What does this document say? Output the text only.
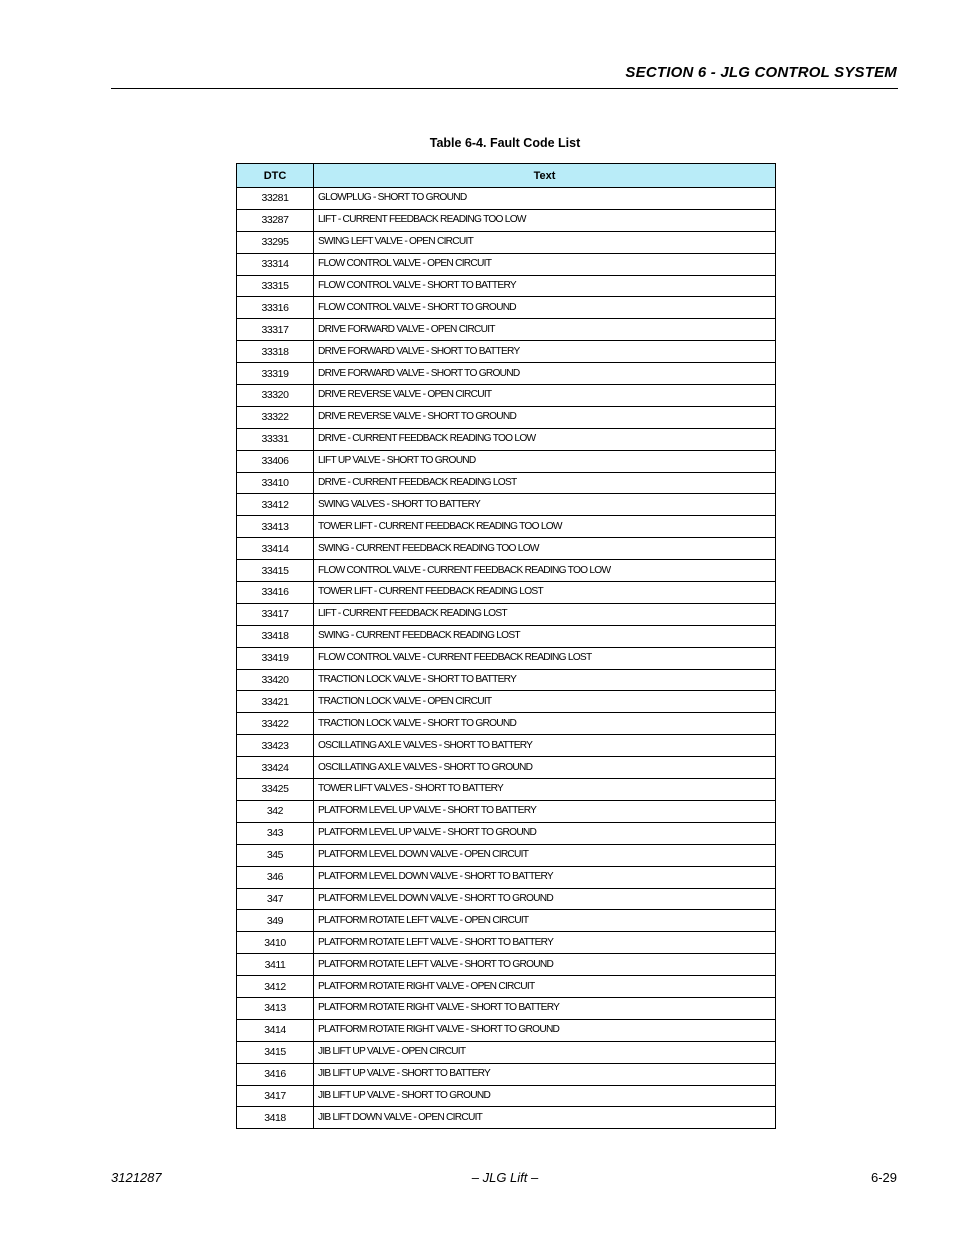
SECTION 6 - JLG CONTROL SYSTEM
Table 6-4. Fault Code List
DTC	Text
33281	GLOWPLUG - SHORT TO GROUND
33287	LIFT - CURRENT FEEDBACK READING TOO LOW
33295	SWING LEFT VALVE - OPEN CIRCUIT
33314	FLOW CONTROL VALVE - OPEN CIRCUIT
33315	FLOW CONTROL VALVE - SHORT TO BATTERY
33316	FLOW CONTROL VALVE - SHORT TO GROUND
33317	DRIVE FORWARD VALVE - OPEN CIRCUIT
33318	DRIVE FORWARD VALVE - SHORT TO BATTERY
33319	DRIVE FORWARD VALVE - SHORT TO GROUND
33320	DRIVE REVERSE VALVE - OPEN CIRCUIT
33322	DRIVE REVERSE VALVE - SHORT TO GROUND
33331	DRIVE - CURRENT FEEDBACK READING TOO LOW
33406	LIFT UP VALVE - SHORT TO GROUND
33410	DRIVE - CURRENT FEEDBACK READING LOST
33412	SWING VALVES - SHORT TO BATTERY
33413	TOWER LIFT - CURRENT FEEDBACK READING TOO LOW
33414	SWING - CURRENT FEEDBACK READING TOO LOW
33415	FLOW CONTROL VALVE - CURRENT FEEDBACK READING TOO LOW
33416	TOWER LIFT - CURRENT FEEDBACK READING LOST
33417	LIFT - CURRENT FEEDBACK READING LOST
33418	SWING - CURRENT FEEDBACK READING LOST
33419	FLOW CONTROL VALVE - CURRENT FEEDBACK READING LOST
33420	TRACTION LOCK VALVE - SHORT TO BATTERY
33421	TRACTION LOCK VALVE - OPEN CIRCUIT
33422	TRACTION LOCK VALVE - SHORT TO GROUND
33423	OSCILLATING AXLE VALVES - SHORT TO BATTERY
33424	OSCILLATING AXLE VALVES - SHORT TO GROUND
33425	TOWER LIFT VALVES - SHORT TO BATTERY
342	PLATFORM LEVEL UP VALVE - SHORT TO BATTERY
343	PLATFORM LEVEL UP VALVE - SHORT TO GROUND
345	PLATFORM LEVEL DOWN VALVE - OPEN CIRCUIT
346	PLATFORM LEVEL DOWN VALVE - SHORT TO BATTERY
347	PLATFORM LEVEL DOWN VALVE - SHORT TO GROUND
349	PLATFORM ROTATE LEFT VALVE - OPEN CIRCUIT
3410	PLATFORM ROTATE LEFT VALVE - SHORT TO BATTERY
3411	PLATFORM ROTATE LEFT VALVE - SHORT TO GROUND
3412	PLATFORM ROTATE RIGHT VALVE - OPEN CIRCUIT
3413	PLATFORM ROTATE RIGHT VALVE - SHORT TO BATTERY
3414	PLATFORM ROTATE RIGHT VALVE - SHORT TO GROUND
3415	JIB LIFT UP VALVE - OPEN CIRCUIT
3416	JIB LIFT UP VALVE - SHORT TO BATTERY
3417	JIB LIFT UP VALVE - SHORT TO GROUND
3418	JIB LIFT DOWN VALVE - OPEN CIRCUIT
3121287	– JLG Lift –	6-29
